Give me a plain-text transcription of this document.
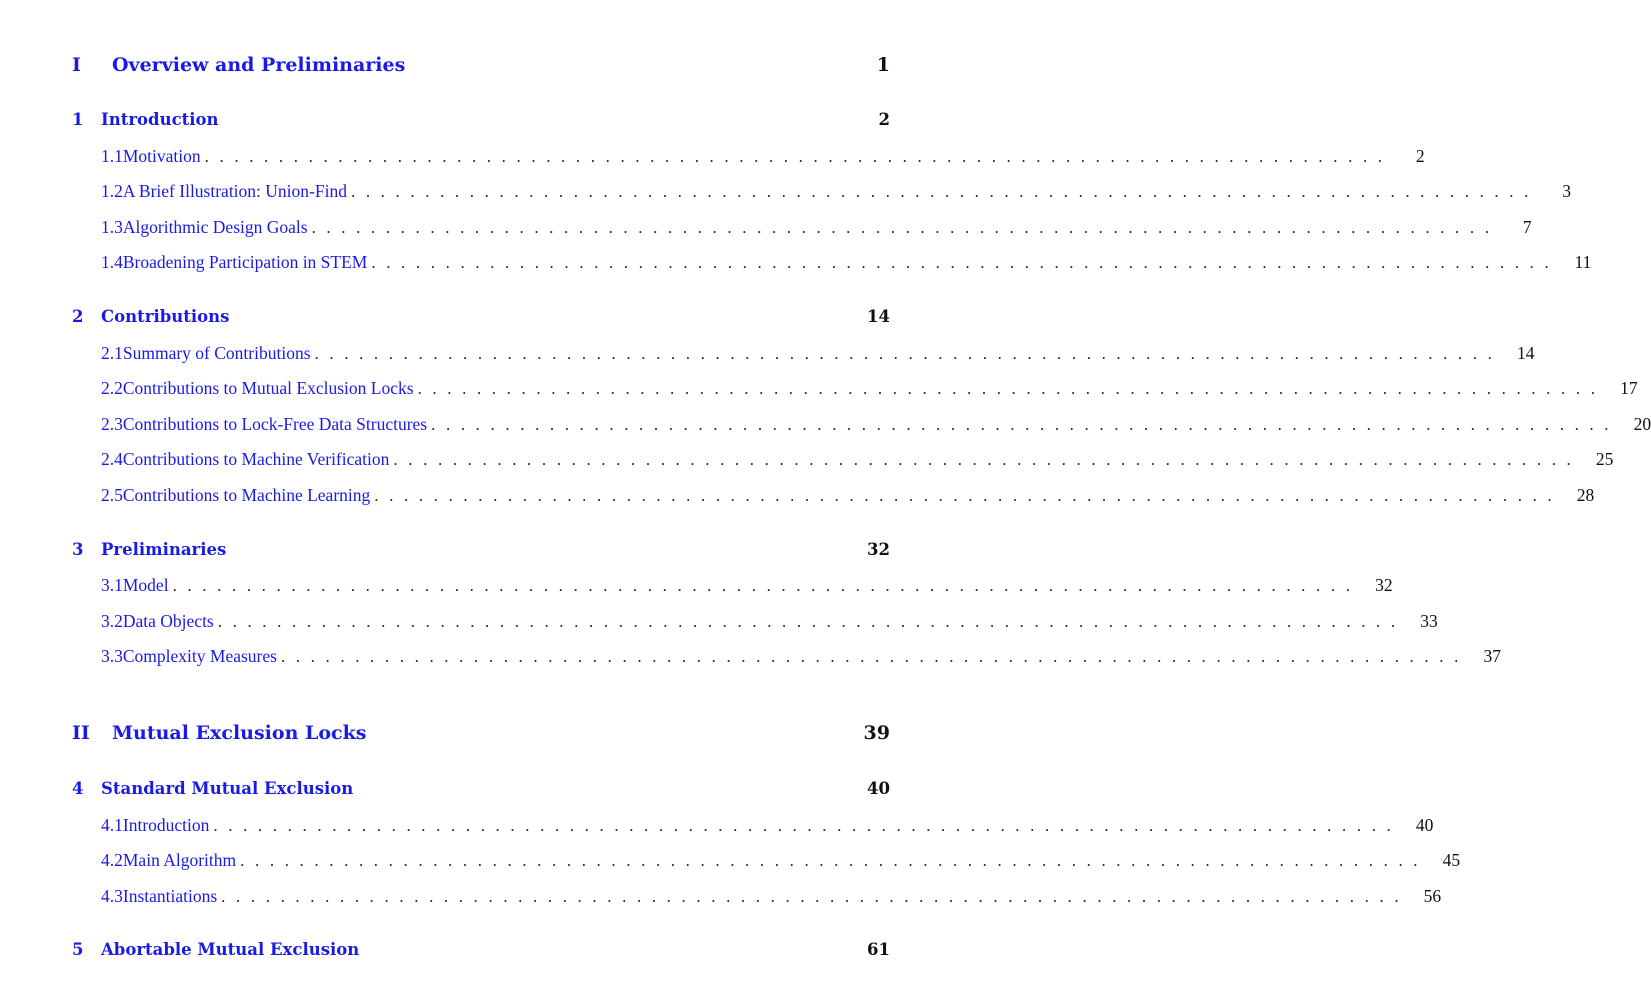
I	Overview and Preliminaries	1
1	Introduction	2
1.1 Motivation ................................................................................	2
1.2 A Brief Illustration: Union-Find ................................................................................	3
1.3 Algorithmic Design Goals ................................................................................	7
1.4 Broadening Participation in STEM ................................................................................ 11
2	Contributions	14
2.1 Summary of Contributions ................................................................................ 14
2.2 Contributions to Mutual Exclusion Locks ................................................................................ 17
2.3 Contributions to Lock-Free Data Structures ................................................................................ 20
2.4 Contributions to Machine Verification ................................................................................ 25
2.5 Contributions to Machine Learning ................................................................................ 28
3	Preliminaries	32
3.1 Model ................................................................................ 32
3.2 Data Objects ................................................................................ 33
3.3 Complexity Measures ................................................................................ 37
II	Mutual Exclusion Locks	39
4	Standard Mutual Exclusion	40
4.1 Introduction ................................................................................ 40
4.2 Main Algorithm ................................................................................ 45
4.3 Instantiations ................................................................................ 56
5	Abortable Mutual Exclusion	61
